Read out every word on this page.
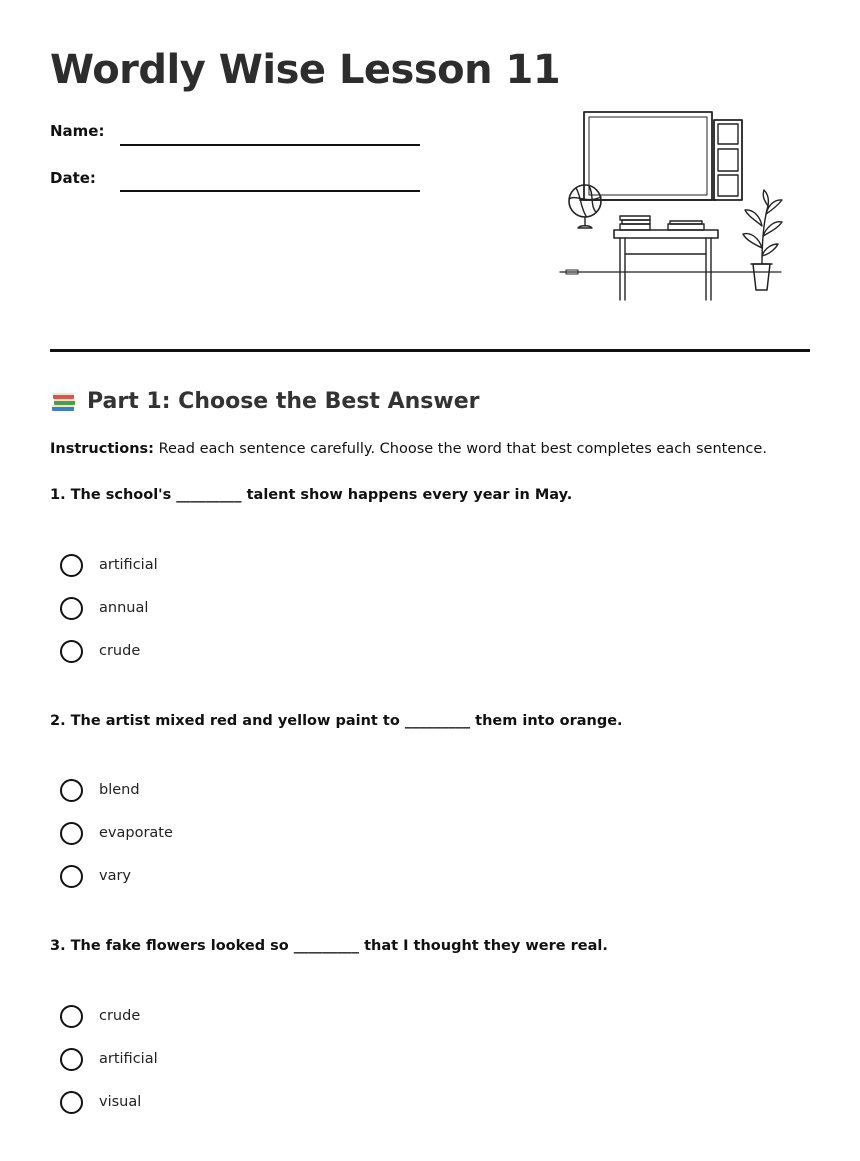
Wordly Wise Lesson 11
Name:
Date:
Part 1: Choose the Best Answer
Instructions: Read each sentence carefully. Choose the word that best completes each sentence.
1. The school's _________ talent show happens every year in May.
artificial
annual
crude
2. The artist mixed red and yellow paint to _________ them into orange.
blend
evaporate
vary
3. The fake flowers looked so _________ that I thought they were real.
crude
artificial
visual
